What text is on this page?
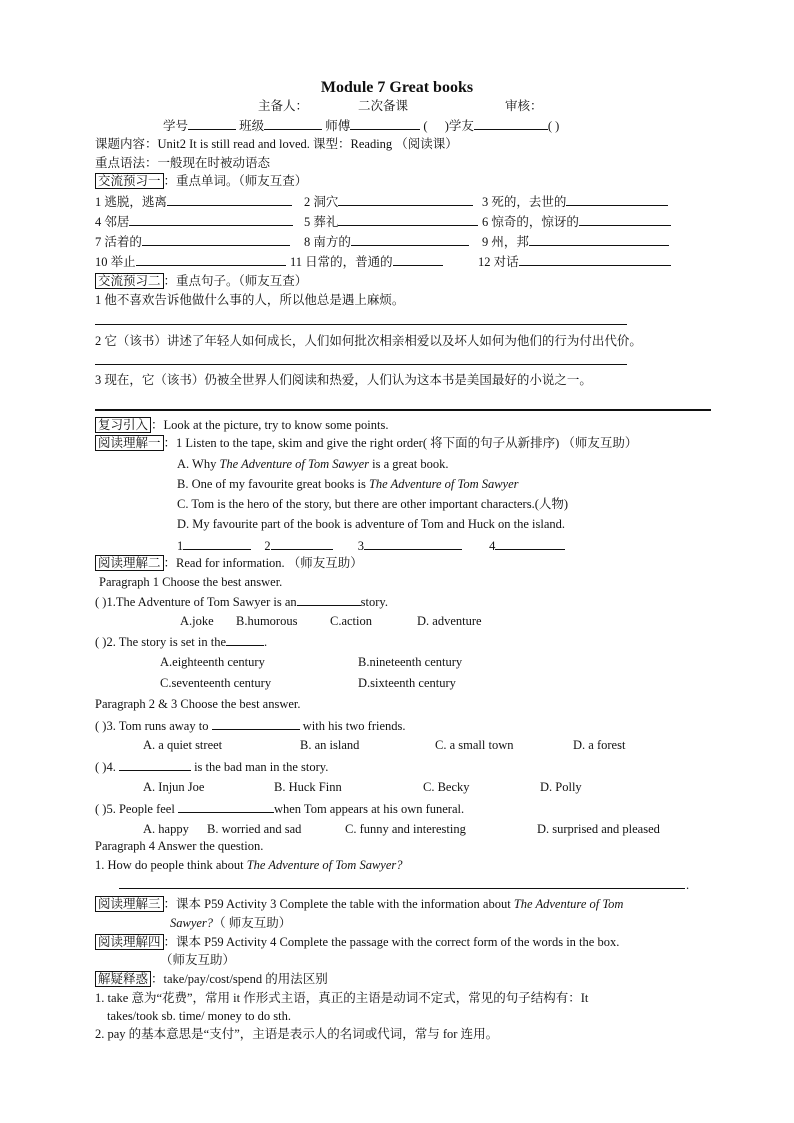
Module 7 Great books
主备人：	二次备课	审核：
学号	班级	师傅	( )学友	( )
课题内容：Unit2 It is still read and loved. 课型：Reading （阅读课）
重点语法：一般现在时被动语态
交流预习一 ：重点单词。（师友互查）
1 逃脱，逃离	2 洞穴	3 死的，去世的
4 邻居	5 葬礼	6 惊奇的，惊讶的
7 活着的	8 南方的	9 州，邦
10 举止	11 日常的，普通的	12 对话
交流预习二 ：重点句子。（师友互查）
1 他不喜欢告诉他做什么事的人，所以他总是遇上麻烦。
2 它（该书）讲述了年轻人如何成长，人们如何批次相亲相爱以及坏人如何为他们的行为付出代价。
3 现在，它（该书）仍被全世界人们阅读和热爱，人们认为这本书是美国最好的小说之一。
复习引入 ：Look at the picture, try to know some points.
阅读理解一 ：1 Listen to the tape, skim and give the right order( 将下面的句子从新排序) （师友互助）
A. Why The Adventure of Tom Sawyer is a great book.
B. One of my favourite great books is The Adventure of Tom Sawyer
C. Tom is the hero of the story, but there are other important characters.(人物)
D. My favourite part of the book is adventure of Tom and Huck on the island.
1	2	3	4
阅读理解二 ：Read for information. （师友互助）
Paragraph 1 Choose the best answer.
( )1.The Adventure of Tom Sawyer is an	story.
A.joke B.humorous	C.action	D. adventure
( )2. The story is set in the	.
A.eighteenth century	B.nineteenth century
C.seventeenth century	D.sixteenth century
Paragraph 2 & 3 Choose the best answer.
( )3. Tom runs away to	with his two friends.
A. a quiet street	B. an island	C. a small town	D. a forest
( )4.	is the bad man in the story.
A. Injun Joe	B. Huck Finn	C. Becky	D. Polly
( )5. People feel	when Tom appears at his own funeral.
A. happy B. worried and sad	C. funny and interesting	D. surprised and pleased
Paragraph 4 Answer the question.
1. How do people think about The Adventure of Tom Sawyer?
.
阅读理解三 ：课本 P59 Activity 3 Complete the table with the information about The Adventure of Tom
Sawyer?（ 师友互助）
阅读理解四 ：课本 P59 Activity 4 Complete the passage with the correct form of the words in the box.
（师友互助）
解疑释惑 ：take/pay/cost/spend 的用法区别
1. take 意为“花费”，常用 it 作形式主语，真正的主语是动词不定式，常见的句子结构有：It
takes/took sb. time/ money to do sth.
2. pay 的基本意思是“支付”，主语是表示人的名词或代词，常与 for 连用。
